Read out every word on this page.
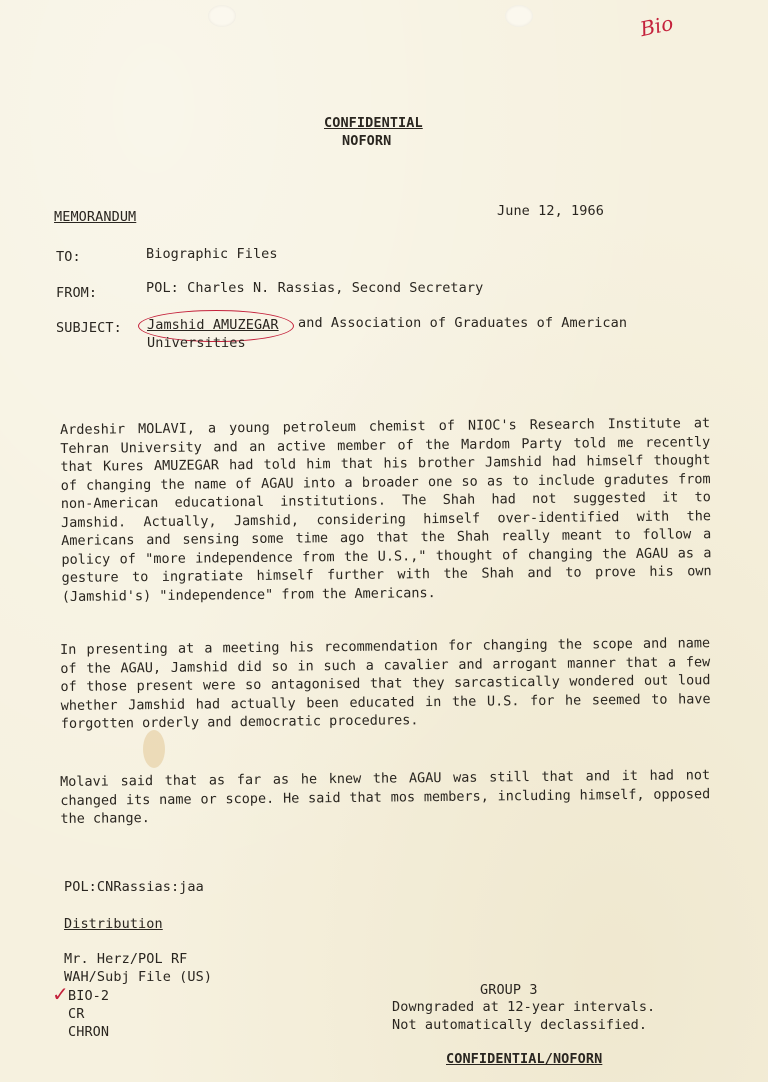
Bio
CONFIDENTIAL
NOFORN
MEMORANDUM	June 12, 1966
TO:	Biographic Files
FROM:	POL: Charles N. Rassias, Second Secretary
SUBJECT: Jamshid AMUZEGAR and Association of Graduates of American
Universities
Ardeshir MOLAVI, a young petroleum chemist of NIOC's Research Institute at Tehran University and an active member of the Mardom Party told me recently that Kures AMUZEGAR had told him that his brother Jamshid had himself thought of changing the name of AGAU into a broader one so as to include gradutes from non-American educational institutions. The Shah had not suggested it to Jamshid. Actually, Jamshid, considering himself over-identified with the Americans and sensing some time ago that the Shah really meant to follow a policy of "more independence from the U.S.," thought of changing the AGAU as a gesture to ingratiate himself further with the Shah and to prove his own (Jamshid's) "independence" from the Americans.
In presenting at a meeting his recommendation for changing the scope and name of the AGAU, Jamshid did so in such a cavalier and arrogant manner that a few of those present were so antagonised that they sarcastically wondered out loud whether Jamshid had actually been educated in the U.S. for he seemed to have forgotten orderly and democratic procedures.
Molavi said that as far as he knew the AGAU was still that and it had not changed its name or scope. He said that mos members, including himself, opposed the change.
POL:CNRassias:jaa
Distribution
Mr. Herz/POL RF
WAH/Subj File (US)
✓ BIO-2
CR
CHRON
GROUP 3
Downgraded at 12-year intervals.
Not automatically declassified.
CONFIDENTIAL/NOFORN
